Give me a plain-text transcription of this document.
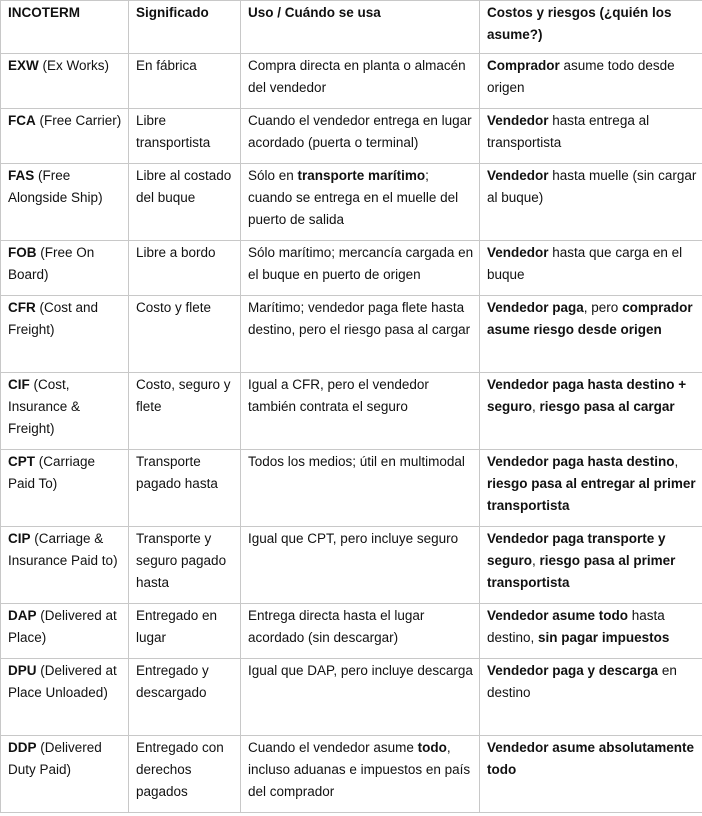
INCOTERM	Significado	Uso / Cuándo se usa	Costos y riesgos (¿quién los asume?)
EXW (Ex Works)	En fábrica	Compra directa en planta o almacén del vendedor	Comprador asume todo desde origen
FCA (Free Carrier)	Libre transportista	Cuando el vendedor entrega en lugar acordado (puerta o terminal)	Vendedor hasta entrega al transportista
FAS (Free Alongside Ship)	Libre al costado del buque	Sólo en transporte marítimo; cuando se entrega en el muelle del puerto de salida	Vendedor hasta muelle (sin cargar al buque)
FOB (Free On Board)	Libre a bordo	Sólo marítimo; mercancía cargada en el buque en puerto de origen	Vendedor hasta que carga en el buque
CFR (Cost and Freight)	Costo y flete	Marítimo; vendedor paga flete hasta destino, pero el riesgo pasa al cargar	Vendedor paga, pero comprador asume riesgo desde origen
CIF (Cost, Insurance & Freight)	Costo, seguro y flete	Igual a CFR, pero el vendedor también contrata el seguro	Vendedor paga hasta destino + seguro, riesgo pasa al cargar
CPT (Carriage Paid To)	Transporte pagado hasta	Todos los medios; útil en multimodal	Vendedor paga hasta destino, riesgo pasa al entregar al primer transportista
CIP (Carriage & Insurance Paid to)	Transporte y seguro pagado hasta	Igual que CPT, pero incluye seguro	Vendedor paga transporte y seguro, riesgo pasa al primer transportista
DAP (Delivered at Place)	Entregado en lugar	Entrega directa hasta el lugar acordado (sin descargar)	Vendedor asume todo hasta destino, sin pagar impuestos
DPU (Delivered at Place Unloaded)	Entregado y descargado	Igual que DAP, pero incluye descarga	Vendedor paga y descarga en destino
DDP (Delivered Duty Paid)	Entregado con derechos pagados	Cuando el vendedor asume todo, incluso aduanas e impuestos en país del comprador	Vendedor asume absolutamente todo
